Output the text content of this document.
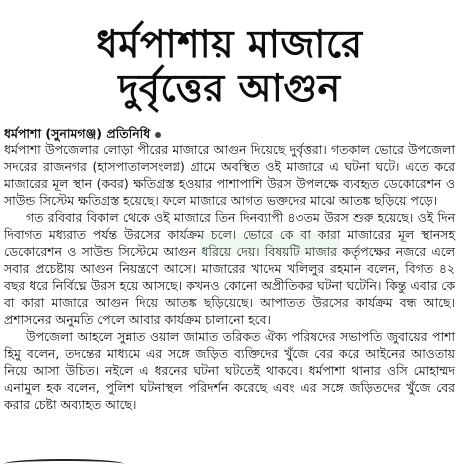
ধর্মপাশায় মাজারে
দুর্বৃত্তের আগুন
ধর্মপাশা (সুনামগঞ্জ) প্রতিনিধি

ধর্মপাশা উপজেলার লোড়া পীরের মাজারে আগুন দিয়েছে দুর্বৃত্তরা। গতকাল ভোরে উপজেলা সদরের রাজনগর (হাসপাতালসংলগ্ন) গ্রামে অবস্থিত ওই মাজারে এ ঘটনা ঘটে। এতে করে মাজারের মূল স্থান (কবর) ক্ষতিগ্রস্ত হওয়ার পাশাপাশি উরস উপলক্ষে ব্যবহৃত ডেকোরেশন ও সাউন্ড সিস্টেম ক্ষতিগ্রস্ত হয়েছে। ফলে মাজারে আগত ভক্তদের মাঝে আতঙ্ক ছড়িয়ে পড়ে।

গত রবিবার বিকাল থেকে ওই মাজারে তিন দিনব্যাপী ৪৩তম উরস শুরু হয়েছে। ওই দিন দিবাগত মধ্যরাত পর্যন্ত উরসের কার্যক্রম চলে। ভোরে কে বা কারা মাজারের মূল স্থানসহ ডেকোরেশন ও সাউন্ড সিস্টেমে আগুন ধরিয়ে দেয়। বিষয়টি মাজার কর্তৃপক্ষের নজরে এলে সবার প্রচেষ্টায় আগুন নিয়ন্ত্রণে আসে। মাজারের খাদেম খলিলুর রহমান বলেন, বিগত ৪২ বছর ধরে নির্বিঘ্নে উরস হয়ে আসছে। কখনও কোনো অপ্রীতিকর ঘটনা ঘটেনি। কিন্তু এবার কে বা কারা মাজারে আগুন দিয়ে আতঙ্ক ছড়িয়েছে। আপাতত উরসের কার্যক্রম বন্ধ আছে। প্রশাসনের অনুমতি পেলে আবার কার্যক্রম চালানো হবে।

উপজেলা আহলে সুন্নাত ওয়াল জামাত তরিকত ঐক্য পরিষদের সভাপতি জুবায়ের পাশা হিমু বলেন, তদন্তের মাধ্যমে এর সঙ্গে জড়িত ব্যক্তিদের খুঁজে বের করে আইনের আওতায় নিয়ে আসা উচিত। নইলে এ ধরনের ঘটনা ঘটতেই থাকবে। ধর্মপাশা থানার ওসি মোহাম্মদ এনামুল হক বলেন, পুলিশ ঘটনাস্থল পরিদর্শন করেছে এবং এর সঙ্গে জড়িতদের খুঁজে বের করার চেষ্টা অব্যাহত আছে।
